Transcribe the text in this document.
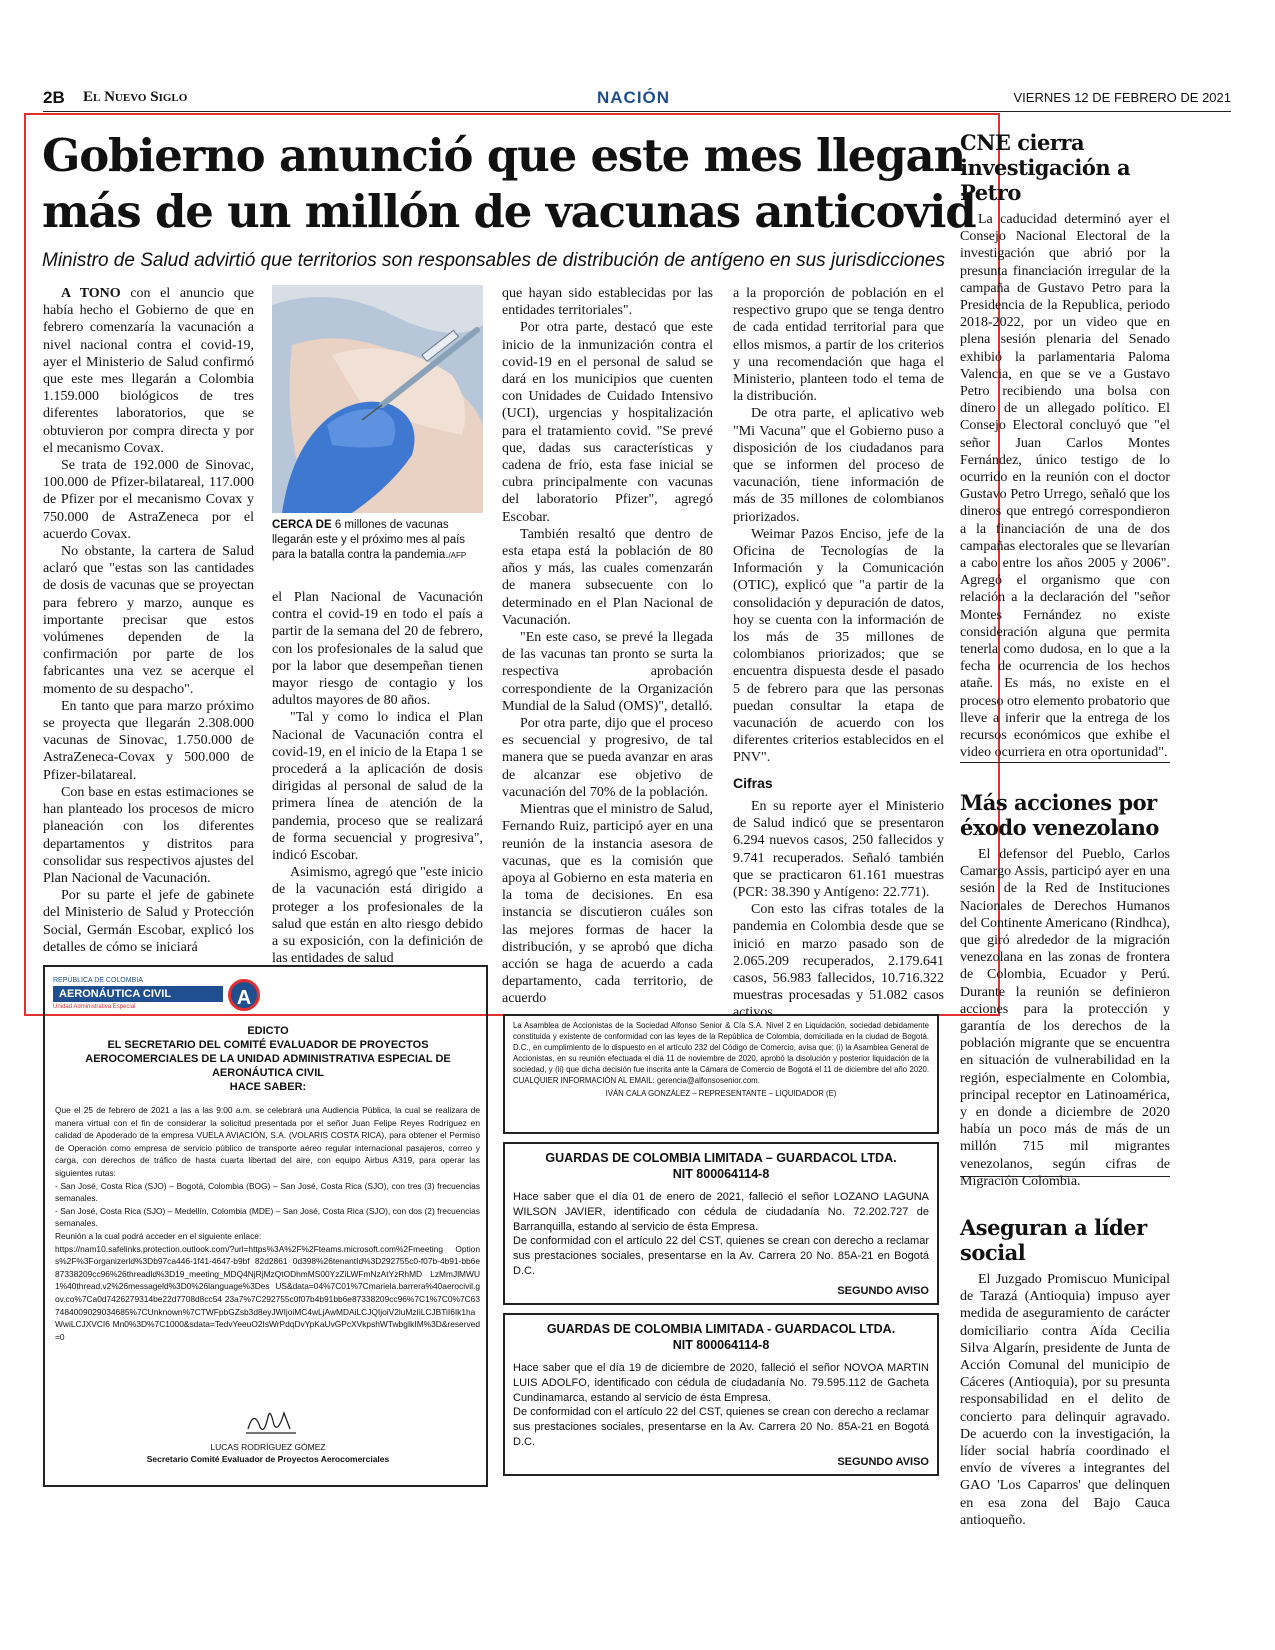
2B El Nuevo Siglo	NACIÓN	VIERNES 12 DE FEBRERO DE 2021
Gobierno anunció que este mes llegan más de un millón de vacunas anticovid
Ministro de Salud advirtió que territorios son responsables de distribución de antígeno en sus jurisdicciones

A TONO con el anuncio que había hecho el Gobierno de que en febrero comenzaría la vacunación a nivel nacional contra el covid-19, ayer el Ministerio de Salud confirmó que este mes llegarán a Colombia 1.159.000 biológicos de tres diferentes laboratorios, que se obtuvieron por compra directa y por el mecanismo Covax.

Se trata de 192.000 de Sinovac, 100.000 de Pfizer-bilatareal, 117.000 de Pfizer por el mecanismo Covax y 750.000 de AstraZeneca por el acuerdo Covax.

No obstante, la cartera de Salud aclaró que "estas son las cantidades de dosis de vacunas que se proyectan para febrero y marzo, aunque es importante precisar que estos volúmenes dependen de la confirmación por parte de los fabricantes una vez se acerque el momento de su despacho".

En tanto que para marzo próximo se proyecta que llegarán 2.308.000 vacunas de Sinovac, 1.750.000 de AstraZeneca-Covax y 500.000 de Pfizer-bilatareal.

Con base en estas estimaciones se han planteado los procesos de micro planeación con los diferentes departamentos y distritos para consolidar sus respectivos ajustes del Plan Nacional de Vacunación.

Por su parte el jefe de gabinete del Ministerio de Salud y Protección Social, Germán Escobar, explicó los detalles de cómo se iniciará

CERCA DE 6 millones de vacunas llegarán este y el próximo mes al país para la batalla contra la pandemia./AFP

el Plan Nacional de Vacunación contra el covid-19 en todo el país a partir de la semana del 20 de febrero, con los profesionales de la salud que por la labor que desempeñan tienen mayor riesgo de contagio y los adultos mayores de 80 años.

"Tal y como lo indica el Plan Nacional de Vacunación contra el covid-19, en el inicio de la Etapa 1 se procederá a la aplicación de dosis dirigidas al personal de salud de la primera línea de atención de la pandemia, proceso que se realizará de forma secuencial y progresiva", indicó Escobar.

Asimismo, agregó que "este inicio de la vacunación está dirigido a proteger a los profesionales de la salud que están en alto riesgo debido a su exposición, con la definición de las entidades de salud

que hayan sido establecidas por las entidades territoriales".

Por otra parte, destacó que este inicio de la inmunización contra el covid-19 en el personal de salud se dará en los municipios que cuenten con Unidades de Cuidado Intensivo (UCI), urgencias y hospitalización para el tratamiento covid. "Se prevé que, dadas sus características y cadena de frío, esta fase inicial se cubra principalmente con vacunas del laboratorio Pfizer", agregó Escobar.

También resaltó que dentro de esta etapa está la población de 80 años y más, las cuales comenzarán de manera subsecuente con lo determinado en el Plan Nacional de Vacunación.

"En este caso, se prevé la llegada de las vacunas tan pronto se surta la respectiva aprobación correspondiente de la Organización Mundial de la Salud (OMS)", detalló.

Por otra parte, dijo que el proceso es secuencial y progresivo, de tal manera que se pueda avanzar en aras de alcanzar ese objetivo de vacunación del 70% de la población.

Mientras que el ministro de Salud, Fernando Ruiz, participó ayer en una reunión de la instancia asesora de vacunas, que es la comisión que apoya al Gobierno en esta materia en la toma de decisiones. En esa instancia se discutieron cuáles son las mejores formas de hacer la distribución, y se aprobó que dicha acción se haga de acuerdo a cada departamento, cada territorio, de acuerdo

a la proporción de población en el respectivo grupo que se tenga dentro de cada entidad territorial para que ellos mismos, a partir de los criterios y una recomendación que haga el Ministerio, planteen todo el tema de la distribución.

De otra parte, el aplicativo web "Mi Vacuna" que el Gobierno puso a disposición de los ciudadanos para que se informen del proceso de vacunación, tiene información de más de 35 millones de colombianos priorizados.

Weimar Pazos Enciso, jefe de la Oficina de Tecnologías de la Información y la Comunicación (OTIC), explicó que "a partir de la consolidación y depuración de datos, hoy se cuenta con la información de los más de 35 millones de colombianos priorizados; que se encuentra dispuesta desde el pasado 5 de febrero para que las personas puedan consultar la etapa de vacunación de acuerdo con los diferentes criterios establecidos en el PNV".

Cifras

En su reporte ayer el Ministerio de Salud indicó que se presentaron 6.294 nuevos casos, 250 fallecidos y 9.741 recuperados. Señaló también que se practicaron 61.161 muestras (PCR: 38.390 y Antígeno: 22.771).

Con esto las cifras totales de la pandemia en Colombia desde que se inició en marzo pasado son de 2.065.209 recuperados, 2.179.641 casos, 56.983 fallecidos, 10.716.322 muestras procesadas y 51.082 casos activos.

CNE cierra investigación a Petro

La caducidad determinó ayer el Consejo Nacional Electoral de la investigación que abrió por la presunta financiación irregular de la campaña de Gustavo Petro para la Presidencia de la Republica, periodo 2018-2022, por un video que en plena sesión plenaria del Senado exhibió la parlamentaria Paloma Valencia, en que se ve a Gustavo Petro recibiendo una bolsa con dinero de un allegado político. El Consejo Electoral concluyó que "el señor Juan Carlos Montes Fernández, único testigo de lo ocurrido en la reunión con el doctor Gustavo Petro Urrego, señaló que los dineros que entregó correspondieron a la financiación de una de dos campañas electorales que se llevarían a cabo entre los años 2005 y 2006". Agregó el organismo que con relación a la declaración del "señor Montes Fernández no existe consideración alguna que permita tenerla como dudosa, en lo que a la fecha de ocurrencia de los hechos atañe. Es más, no existe en el proceso otro elemento probatorio que lleve a inferir que la entrega de los recursos económicos que exhibe el video ocurriera en otra oportunidad".

Más acciones por éxodo venezolano

El defensor del Pueblo, Carlos Camargo Assis, participó ayer en una sesión de la Red de Instituciones Nacionales de Derechos Humanos del Continente Americano (Rindhca), que giró alrededor de la migración venezolana en las zonas de frontera de Colombia, Ecuador y Perú. Durante la reunión se definieron acciones para la protección y garantía de los derechos de la población migrante que se encuentra en situación de vulnerabilidad en la región, especialmente en Colombia, principal receptor en Latinoamérica, y en donde a diciembre de 2020 había un poco más de más de un millón 715 mil migrantes venezolanos, según cifras de Migración Colombia.

Aseguran a líder social

El Juzgado Promiscuo Municipal de Tarazá (Antioquia) impuso ayer medida de aseguramiento de carácter domiciliario contra Aída Cecilia Silva Algarín, presidente de Junta de Acción Comunal del municipio de Cáceres (Antioquia), por su presunta responsabilidad en el delito de concierto para delinquir agravado. De acuerdo con la investigación, la líder social habría coordinado el envío de víveres a integrantes del GAO 'Los Caparros' que delinquen en esa zona del Bajo Cauca antioqueño.

REPÚBLICA DE COLOMBIA
AERONÁUTICA CIVIL
Unidad Administrativa Especial	A
EDICTO
EL SECRETARIO DEL COMITÉ EVALUADOR DE PROYECTOS AEROCOMERCIALES DE LA UNIDAD ADMINISTRATIVA ESPECIAL DE AERONÁUTICA CIVIL
HACE SABER:
Que el 25 de febrero de 2021 a las a las 9:00 a.m. se celebrará una Audiencia Pública, la cual se realizara de manera virtual con el fin de considerar la solicitud presentada por el señor Juan Felipe Reyes Rodríguez en calidad de Apoderado de la empresa VUELA AVIACIÓN, S.A. (VOLARIS COSTA RICA), para obtener el Permiso de Operación como empresa de servicio público de transporte aéreo regular internacional pasajeros, correo y carga, con derechos de tráfico de hasta cuarta libertad del aire, con equipo Airbus A319, para operar las siguientes rutas:
- San José, Costa Rica (SJO) – Bogotá, Colombia (BOG) – San José, Costa Rica (SJO), con tres (3) frecuencias semanales.
- San José, Costa Rica (SJO) – Medellín, Colombia (MDE) – San José, Costa Rica (SJO), con dos (2) frecuencias semanales.
Reunión a la cual podrá acceder en el siguiente enlace:
https://nam10.safelinks.protection.outlook.com/?url=https%3A%2F%2Fteams.microsoft.com%2Fmeeting Options%2F%3Forganizerld%3Db97ca446-1f41-4647-b9bf 82d2861 0d398%26tenantId%3D292755c0-f07b-4b91-bb6e 87338209cc96%26threadld%3D19_meeting_MDQ4NjRjMzQtODhmMS00YzZiLWFmNzAtYzRhMD LzMmJlMWU1%40thread.v2%26messageld%3D0%26language%3Des US&data=04%7C01%7Cmariela.barrera%40aerocivil.gov.co%7Ca0d7426279314be22d7708d8cc54 23a7%7C292755c0f07b4b91bb6e87338209cc96%7C1%7C0%7C637484009029034685%7CUnknown%7CTWFpbGZsb3d8eyJWIjoiMC4wLjAwMDAiLCJQIjoiV2luMzIiLCJBTiI6Ik1haWwiLCJXVCI6 Mn0%3D%7C1000&sdata=TedvYeeuO2IsWrPdqDvYpKaUvGPcXVkpshWTwbgIkIM%3D&reserved=0
LUCAS RODRÍGUEZ GÓMEZ
Secretario Comité Evaluador de Proyectos Aerocomerciales
La Asamblea de Accionistas de la Sociedad Alfonso Senior & Cía S.A. Nivel 2 en Liquidación, sociedad debidamente constituida y existente de conformidad con las leyes de la República de Colombia, domiciliada en la ciudad de Bogotá. D.C., en cumplimiento de lo dispuesto en el artículo 232 del Código de Comercio, avisa que: (i) la Asamblea General de Accionistas, en su reunión efectuada el día 11 de noviembre de 2020, aprobó la disolución y posterior liquidación de la sociedad, y (ii) que dicha decisión fue inscrita ante la Cámara de Comercio de Bogotá el 11 de diciembre del año 2020. CUALQUIER INFORMACIÓN AL EMAIL: gerencia@alfonsosenior.com.
IVÁN CALA GONZÁLEZ – REPRESENTANTE – LIQUIDADOR (E)
GUARDAS DE COLOMBIA LIMITADA – GUARDACOL LTDA.
NIT 800064114-8
Hace saber que el día 01 de enero de 2021, falleció el señor LOZANO LAGUNA WILSON JAVIER, identificado con cédula de ciudadanía No. 72.202.727 de Barranquilla, estando al servicio de ésta Empresa.
De conformidad con el artículo 22 del CST, quienes se crean con derecho a reclamar sus prestaciones sociales, presentarse en la Av. Carrera 20 No. 85A-21 en Bogotá D.C.
SEGUNDO AVISO
GUARDAS DE COLOMBIA LIMITADA - GUARDACOL LTDA.
NIT 800064114-8
Hace saber que el día 19 de diciembre de 2020, falleció el señor NOVOA MARTIN LUIS ADOLFO, identificado con cédula de ciudadanía No. 79.595.112 de Gacheta Cundinamarca, estando al servicio de ésta Empresa.
De conformidad con el artículo 22 del CST, quienes se crean con derecho a reclamar sus prestaciones sociales, presentarse en la Av. Carrera 20 No. 85A-21 en Bogotá D.C.
SEGUNDO AVISO
